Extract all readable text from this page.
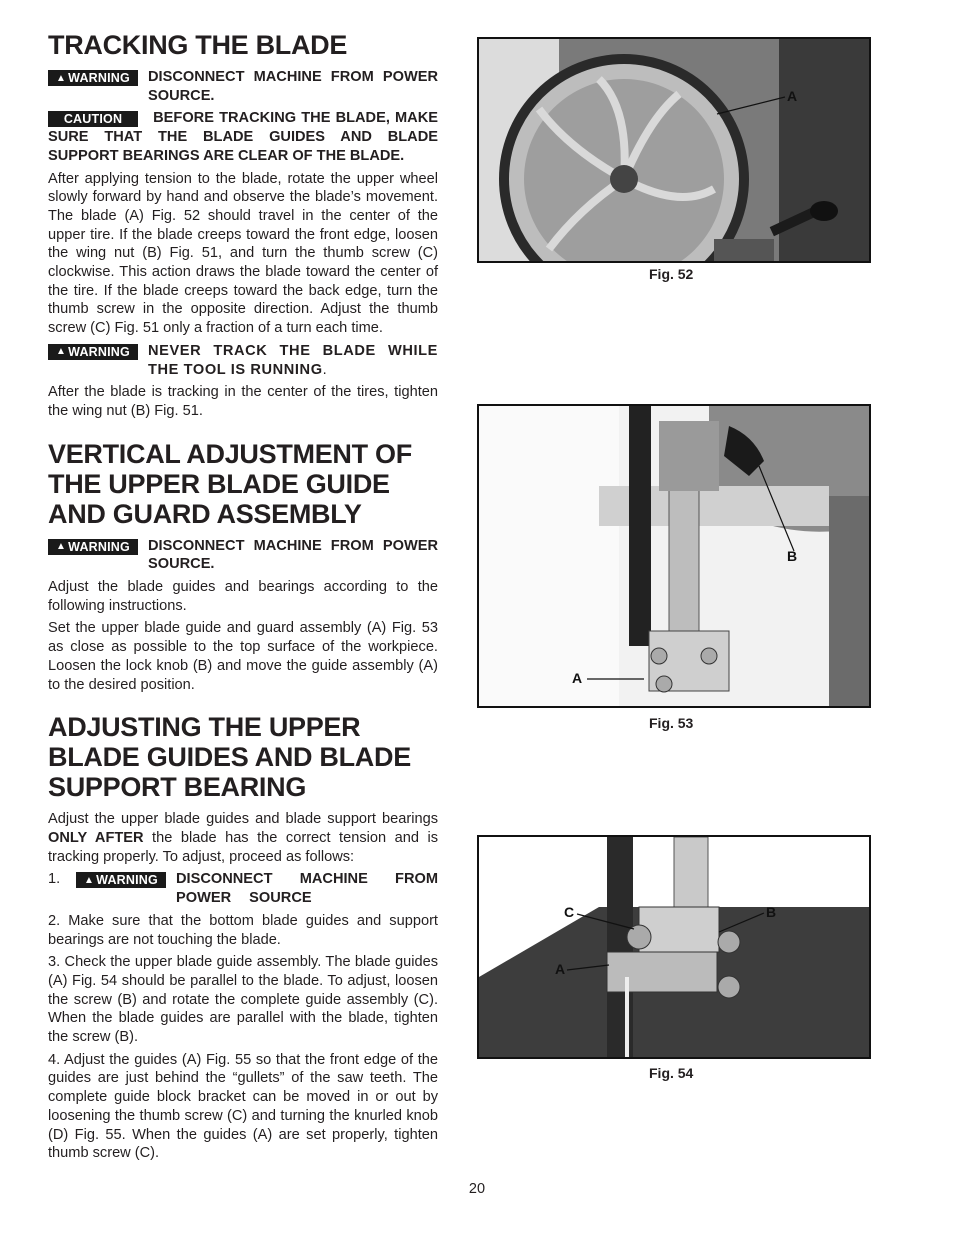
TRACKING THE BLADE
▲ WARNING DISCONNECT MACHINE FROM POWER SOURCE.
CAUTION BEFORE TRACKING THE BLADE, MAKE SURE THAT THE BLADE GUIDES AND BLADE SUPPORT BEARINGS ARE CLEAR OF THE BLADE.

After applying tension to the blade, rotate the upper wheel slowly forward by hand and observe the blade’s movement. The blade (A) Fig. 52 should travel in the center of the upper tire. If the blade creeps toward the front edge, loosen the wing nut (B) Fig. 51, and turn the thumb screw (C) clockwise. This action draws the blade toward the center of the tire. If the blade creeps toward the back edge, turn the thumb screw in the opposite direction. Adjust the thumb screw (C) Fig. 51 only a fraction of a turn each time.

▲ WARNING NEVER TRACK THE BLADE WHILE THE TOOL IS RUNNING.

After the blade is tracking in the center of the tires, tighten the wing nut (B) Fig. 51.

VERTICAL ADJUSTMENT OF THE UPPER BLADE GUIDE AND GUARD ASSEMBLY
▲ WARNING DISCONNECT MACHINE FROM POWER SOURCE.

Adjust the blade guides and bearings according to the following instructions.

Set the upper blade guide and guard assembly (A) Fig. 53 as close as possible to the top surface of the workpiece. Loosen the lock knob (B) and move the guide assembly (A) to the desired position.

ADJUSTING THE UPPER BLADE GUIDES AND BLADE SUPPORT BEARING

Adjust the upper blade guides and blade support bearings ONLY AFTER the blade has the correct tension and is tracking properly. To adjust, proceed as follows:

1.	▲ WARNING DISCONNECT MACHINE FROM POWER SOURCE

2. Make sure that the bottom blade guides and support bearings are not touching the blade.

3. Check the upper blade guide assembly. The blade guides (A) Fig. 54 should be parallel to the blade. To adjust, loosen the screw (B) and rotate the complete guide assembly (C). When the blade guides are parallel with the blade, tighten the screw (B).

4. Adjust the guides (A) Fig. 55 so that the front edge of the guides are just behind the “gullets” of the saw teeth. The complete guide block bracket can be moved in or out by loosening the thumb screw (C) and turning the knurled knob (D) Fig. 55. When the guides (A) are set properly, tighten thumb screw (C).

A
Fig. 52
B
A
Fig. 53
C	B
A
Fig. 54
20
